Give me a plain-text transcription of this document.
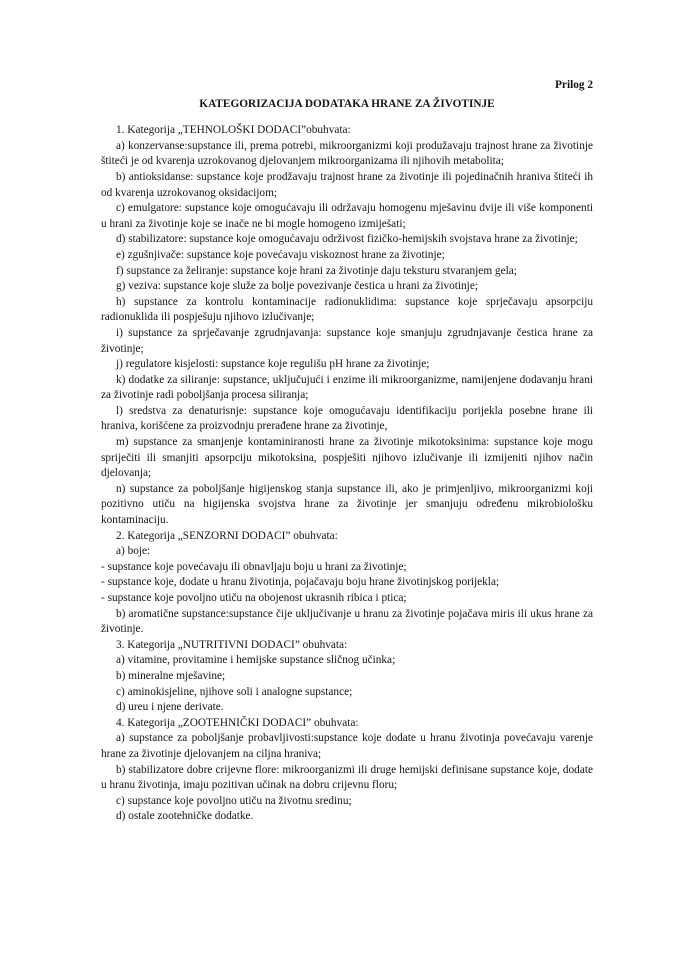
Prilog 2
KATEGORIZACIJA DODATAKA HRANE ZA ŽIVOTINJE

1. Kategorija „TEHNOLOŠKI DODACI”obuhvata:

a) konzervanse:supstance ili, prema potrebi, mikroorganizmi koji produžavaju trajnost hrane za životinje štiteći je od kvarenja uzrokovanog djelovanjem mikroorganizama ili njihovih metabolita;

b) antioksidanse: supstance koje prodžavaju trajnost hrane za životinje ili pojedinačnih hraniva štiteći ih od kvarenja uzrokovanog oksidacijom;

c) emulgatore: supstance koje omogućavaju ili održavaju homogenu mješavinu dvije ili više komponenti u hrani za životinje koje se inače ne bi mogle homogeno izmiješati;

d) stabilizatore: supstance koje omogućavaju održivost fizičko-hemijskih svojstava hrane za životinje;

e) zgušnjivače: supstance koje povećavaju viskoznost hrane za životinje;

f) supstance za želiranje: supstance koje hrani za životinje daju teksturu stvaranjem gela;

g) veziva: supstance koje služe za bolje povezivanje čestica u hrani za životinje;

h) supstance za kontrolu kontaminacije radionuklidima: supstance koje sprječavaju apsorpciju radionuklida ili pospješuju njihovo izlučivanje;

i) supstance za sprječavanje zgrudnjavanja: supstance koje smanjuju zgrudnjavanje čestica hrane za životinje;

j) regulatore kisjelosti: supstance koje regulišu pH hrane za životinje;

k) dodatke za siliranje: supstance, uključujući i enzime ili mikroorganizme, namijenjene dodavanju hrani za životinje radi poboljšanja procesa siliranja;

l) sredstva za denaturisnje: supstance koje omogućavaju identifikaciju porijekla posebne hrane ili hraniva, korišćene za proizvodnju prerađene hrane za životinje,

m) supstance za smanjenje kontaminiranosti hrane za životinje mikotoksinima: supstance koje mogu spriječiti ili smanjiti apsorpciju mikotoksina, pospješiti njihovo izlučivanje ili izmijeniti njihov način djelovanja;

n) supstance za poboljšanje higijenskog stanja supstance ili, ako je primjenljivo, mikroorganizmi koji pozitivno utiču na higijenska svojstva hrane za životinje jer smanjuju određenu mikrobiološku kontaminaciju.

2. Kategorija „SENZORNI DODACI” obuhvata:

a) boje:

- supstance koje povećavaju ili obnavljaju boju u hrani za životinje;

- supstance koje, dodate u hranu životinja, pojačavaju boju hrane životinjskog porijekla;

- supstance koje povoljno utiču na obojenost ukrasnih ribica i ptica;

b) aromatične supstance:supstance čije uključivanje u hranu za životinje pojačava miris ili ukus hrane za životinje.

3. Kategorija „NUTRITIVNI DODACI” obuhvata:

a) vitamine, provitamine i hemijske supstance sličnog učinka;

b) mineralne mješavine;

c) aminokisjeline, njihove soli i analogne supstance;

d) ureu i njene derivate.

4. Kategorija „ZOOTEHNIČKI DODACI” obuhvata:

a) supstance za poboljšanje probavljivosti:supstance koje dodate u hranu životinja povećavaju varenje hrane za životinje djelovanjem na ciljna hraniva;

b) stabilizatore dobre crijevne flore: mikroorganizmi ili druge hemijski definisane supstance koje, dodate u hranu životinja, imaju pozitivan učinak na dobru crijevnu floru;

c) supstance koje povoljno utiču na životnu sredinu;

d) ostale zootehničke dodatke.
